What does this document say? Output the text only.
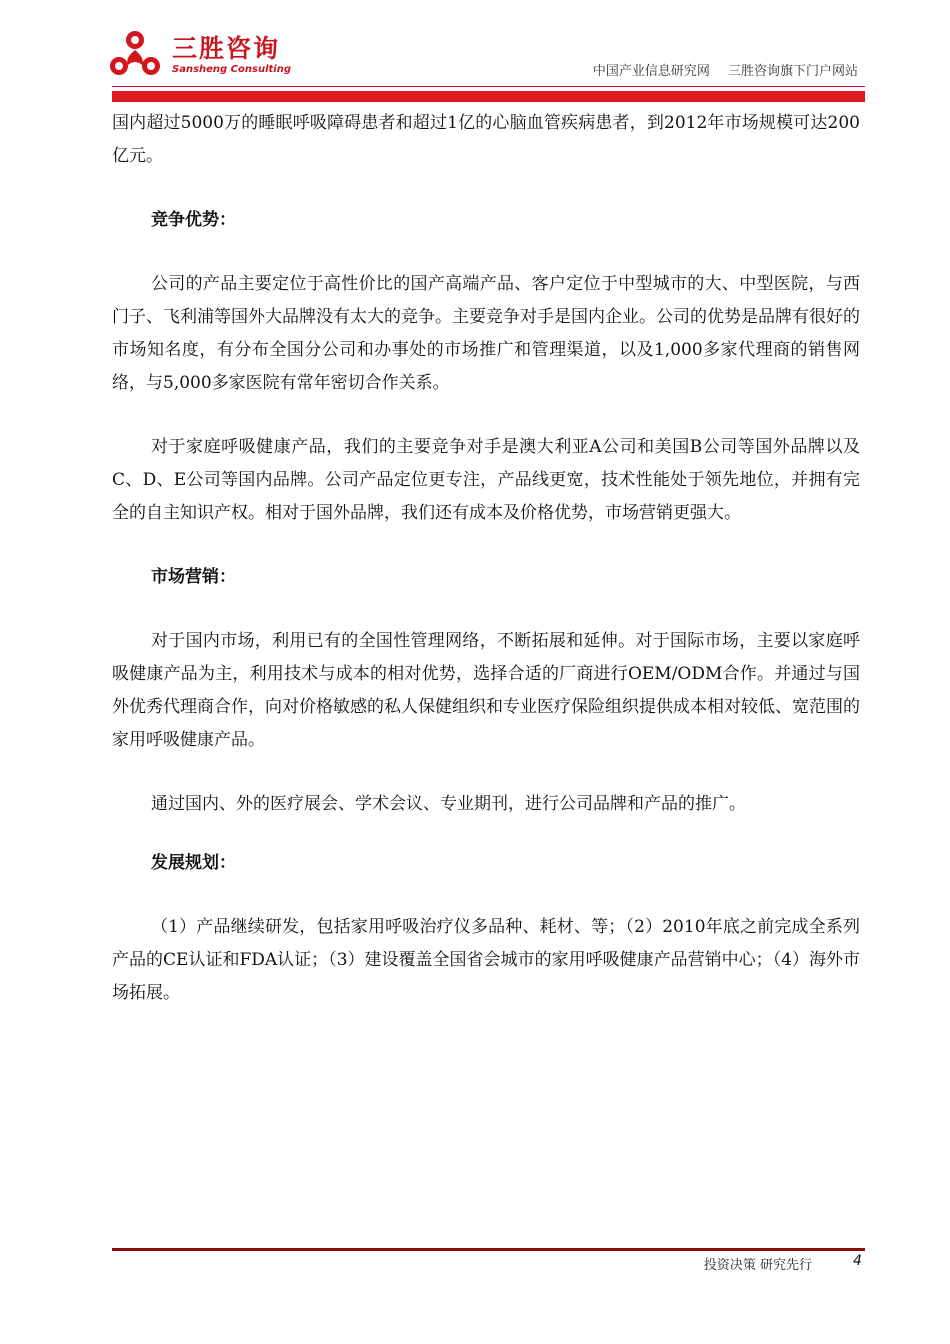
三胜咨询
Sansheng Consulting	中国产业信息研究网 三胜咨询旗下门户网站

国内超过5000万的睡眠呼吸障碍患者和超过1亿的心脑血管疾病患者，到2012年市场规模可达200亿元。

竞争优势：

公司的产品主要定位于高性价比的国产高端产品、客户定位于中型城市的大、中型医院，与西门子、飞利浦等国外大品牌没有太大的竞争。主要竞争对手是国内企业。公司的优势是品牌有很好的市场知名度，有分布全国分公司和办事处的市场推广和管理渠道，以及1,000多家代理商的销售网络，与5,000多家医院有常年密切合作关系。

对于家庭呼吸健康产品，我们的主要竞争对手是澳大利亚A公司和美国B公司等国外品牌以及C、D、E公司等国内品牌。公司产品定位更专注，产品线更宽，技术性能处于领先地位，并拥有完全的自主知识产权。相对于国外品牌，我们还有成本及价格优势，市场营销更强大。

市场营销：

对于国内市场，利用已有的全国性管理网络，不断拓展和延伸。对于国际市场，主要以家庭呼吸健康产品为主，利用技术与成本的相对优势，选择合适的厂商进行OEM/ODM合作。并通过与国外优秀代理商合作，向对价格敏感的私人保健组织和专业医疗保险组织提供成本相对较低、宽范围的家用呼吸健康产品。

通过国内、外的医疗展会、学术会议、专业期刊，进行公司品牌和产品的推广。

发展规划：

（1）产品继续研发，包括家用呼吸治疗仪多品种、耗材、等；（2）2010年底之前完成全系列产品的CE认证和FDA认证；（3）建设覆盖全国省会城市的家用呼吸健康产品营销中心；（4）海外市场拓展。

投资决策 研究先行	4
